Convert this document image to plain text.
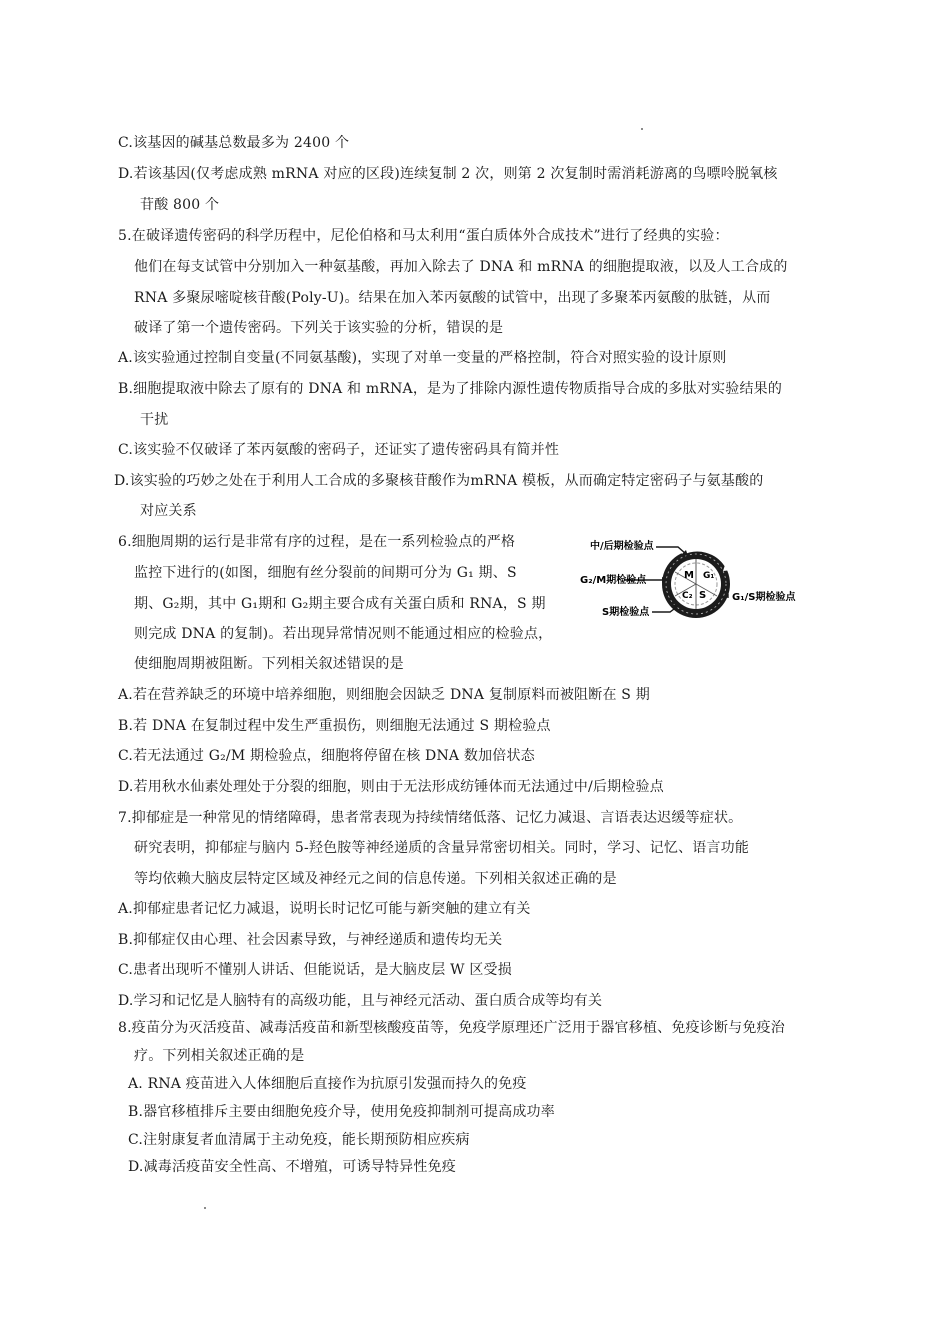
C.该基因的碱基总数最多为 2400 个
D.若该基因(仅考虑成熟 mRNA 对应的区段)连续复制 2 次，则第 2 次复制时需消耗游离的鸟嘌呤脱氧核
苷酸 800 个
5.在破译遗传密码的科学历程中，尼伦伯格和马太利用“蛋白质体外合成技术”进行了经典的实验：
他们在每支试管中分别加入一种氨基酸，再加入除去了 DNA 和 mRNA 的细胞提取液，以及人工合成的
RNA 多聚尿嘧啶核苷酸(Poly-U)。结果在加入苯丙氨酸的试管中，出现了多聚苯丙氨酸的肽链，从而
破译了第一个遗传密码。下列关于该实验的分析，错误的是
A.该实验通过控制自变量(不同氨基酸)，实现了对单一变量的严格控制，符合对照实验的设计原则
B.细胞提取液中除去了原有的 DNA 和 mRNA，是为了排除内源性遗传物质指导合成的多肽对实验结果的
干扰
C.该实验不仅破译了苯丙氨酸的密码子，还证实了遗传密码具有简并性
D.该实验的巧妙之处在于利用人工合成的多聚核苷酸作为mRNA 模板，从而确定特定密码子与氨基酸的
对应关系
6.细胞周期的运行是非常有序的过程，是在一系列检验点的严格
监控下进行的(如图，细胞有丝分裂前的间期可分为 G₁ 期、S
期、G₂期，其中 G₁期和 G₂期主要合成有关蛋白质和 RNA，S 期
则完成 DNA 的复制)。若出现异常情况则不能通过相应的检验点，
使细胞周期被阻断。下列相关叙述错误的是
M G₁
C₂ S
中/后期检验点
G₂/M期检验点
S期检验点
G₁/S期检验点
A.若在营养缺乏的环境中培养细胞，则细胞会因缺乏 DNA 复制原料而被阻断在 S 期
B.若 DNA 在复制过程中发生严重损伤，则细胞无法通过 S 期检验点
C.若无法通过 G₂/M 期检验点，细胞将停留在核 DNA 数加倍状态
D.若用秋水仙素处理处于分裂的细胞，则由于无法形成纺锤体而无法通过中/后期检验点
7.抑郁症是一种常见的情绪障碍，患者常表现为持续情绪低落、记忆力减退、言语表达迟缓等症状。
研究表明，抑郁症与脑内 5-羟色胺等神经递质的含量异常密切相关。同时，学习、记忆、语言功能
等均依赖大脑皮层特定区域及神经元之间的信息传递。下列相关叙述正确的是
A.抑郁症患者记忆力减退，说明长时记忆可能与新突触的建立有关
B.抑郁症仅由心理、社会因素导致，与神经递质和遗传均无关
C.患者出现听不懂别人讲话、但能说话，是大脑皮层 W 区受损
D.学习和记忆是人脑特有的高级功能，且与神经元活动、蛋白质合成等均有关
8.疫苗分为灭活疫苗、减毒活疫苗和新型核酸疫苗等，免疫学原理还广泛用于器官移植、免疫诊断与免疫治
疗。下列相关叙述正确的是
A. RNA 疫苗进入人体细胞后直接作为抗原引发强而持久的免疫
B.器官移植排斥主要由细胞免疫介导，使用免疫抑制剂可提高成功率
C.注射康复者血清属于主动免疫，能长期预防相应疾病
D.减毒活疫苗安全性高、不增殖，可诱导特异性免疫
